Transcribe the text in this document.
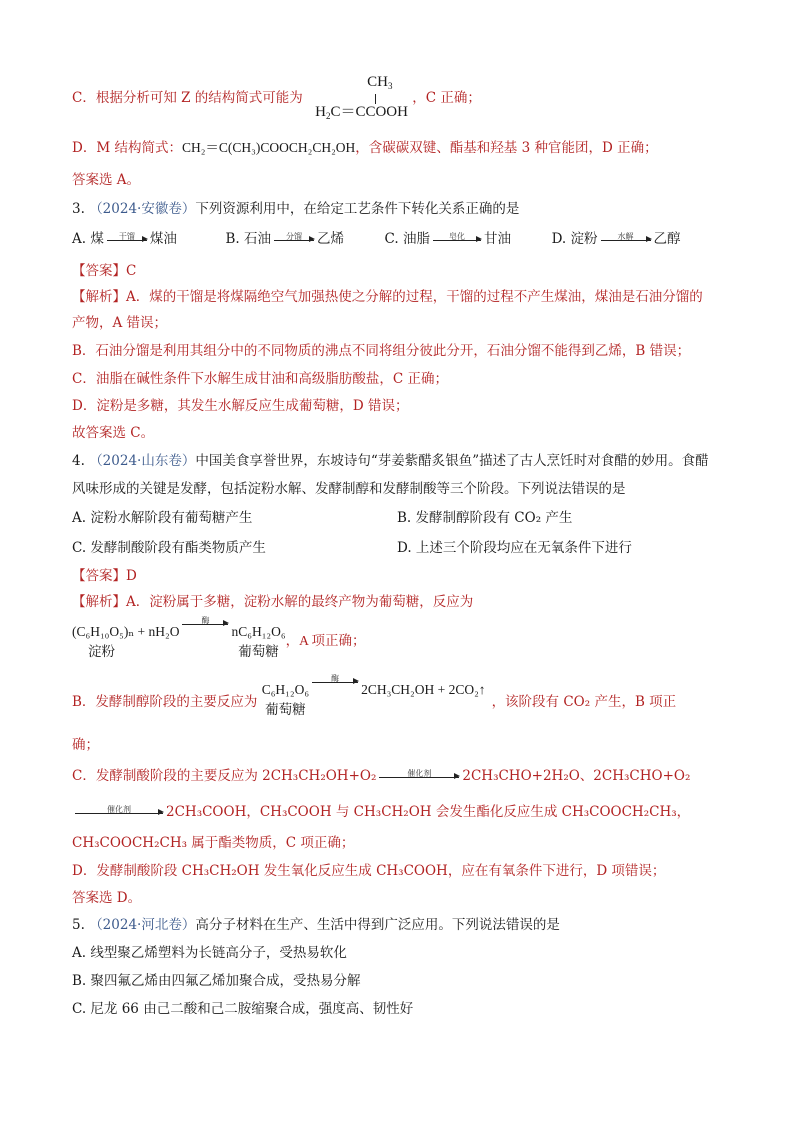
C．根据分析可知 Z 的结构简式可能为
$CH_3$
$H_2C=CCOOH$
，C 正确；
D．M 结构简式：CH₂＝C(CH₃)COOCH₂CH₂OH，含碳碳双键、酯基和羟基 3 种官能团，D 正确；
答案选 A。
3. （2024·安徽卷）下列资源利用中，在给定工艺条件下转化关系正确的是
A. 煤	干馏	煤油	B. 石油	分馏	乙烯	C. 油脂	皂化	甘油	D. 淀粉	水解	乙醇
【答案】C
【解析】A．煤的干馏是将煤隔绝空气加强热使之分解的过程，干馏的过程不产生煤油，煤油是石油分馏的
产物，A 错误；
B．石油分馏是利用其组分中的不同物质的沸点不同将组分彼此分开，石油分馏不能得到乙烯，B 错误；
C．油脂在碱性条件下水解生成甘油和高级脂肪酸盐，C 正确；
D．淀粉是多糖，其发生水解反应生成葡萄糖，D 错误；
故答案选 C。
4. （2024·山东卷）中国美食享誉世界，东坡诗句“芽姜紫醋炙银鱼”描述了古人烹饪时对食醋的妙用。食醋
风味形成的关键是发酵，包括淀粉水解、发酵制醇和发酵制酸等三个阶段。下列说法错误的是
A. 淀粉水解阶段有葡萄糖产生	B. 发酵制醇阶段有 CO₂ 产生
C. 发酵制酸阶段有酯类物质产生	D. 上述三个阶段均应在无氧条件下进行
【答案】D
【解析】A．淀粉属于多糖，淀粉水解的最终产物为葡萄糖，反应为
(C₆H₁₀O₅)ₙ + nH₂O
淀粉
酶
nC₆H₁₂O₆
葡萄糖
，A 项正确；
B．发酵制醇阶段的主要反应为
C₆H₁₂O₆
葡萄糖
酶
2CH₃CH₂OH + 2CO₂↑，该阶段有 CO₂ 产生，B 项正
确；
C．发酵制酸阶段的主要反应为 2CH₃CH₂OH+O₂	催化剂	2CH₃CHO+2H₂O、2CH₃CHO+O₂
催化剂	2CH₃COOH，CH₃COOH 与 CH₃CH₂OH 会发生酯化反应生成 CH₃COOCH₂CH₃，
CH₃COOCH₂CH₃ 属于酯类物质，C 项正确；
D．发酵制酸阶段 CH₃CH₂OH 发生氧化反应生成 CH₃COOH，应在有氧条件下进行，D 项错误；
答案选 D。
5. （2024·河北卷）高分子材料在生产、生活中得到广泛应用。下列说法错误的是
A. 线型聚乙烯塑料为长链高分子，受热易软化
B. 聚四氟乙烯由四氟乙烯加聚合成，受热易分解
C. 尼龙 66 由己二酸和己二胺缩聚合成，强度高、韧性好
